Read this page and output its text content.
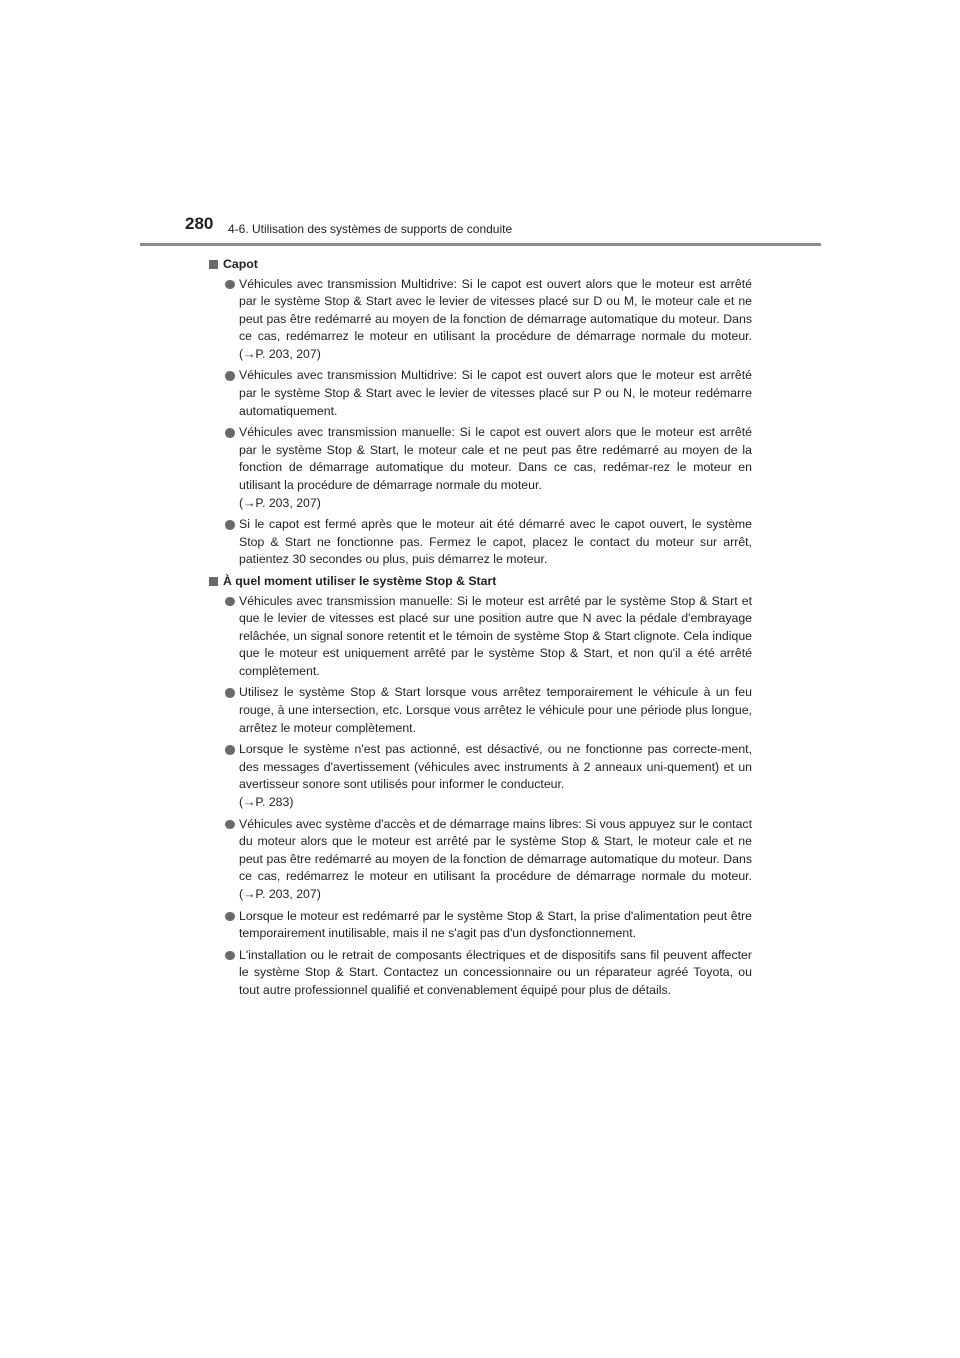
280 4-6. Utilisation des systèmes de supports de conduite
Capot

Véhicules avec transmission Multidrive: Si le capot est ouvert alors que le moteur est arrêté par le système Stop & Start avec le levier de vitesses placé sur D ou M, le moteur cale et ne peut pas être redémarré au moyen de la fonction de démarrage automatique du moteur. Dans ce cas, redémarrez le moteur en utilisant la procédure de démarrage normale du moteur. (→P. 203, 207)

Véhicules avec transmission Multidrive: Si le capot est ouvert alors que le moteur est arrêté par le système Stop & Start avec le levier de vitesses placé sur P ou N, le moteur redémarre automatiquement.

Véhicules avec transmission manuelle: Si le capot est ouvert alors que le moteur est arrêté par le système Stop & Start, le moteur cale et ne peut pas être redémarré au moyen de la fonction de démarrage automatique du moteur. Dans ce cas, redémar-rez le moteur en utilisant la procédure de démarrage normale du moteur.
(→P. 203, 207)

Si le capot est fermé après que le moteur ait été démarré avec le capot ouvert, le système Stop & Start ne fonctionne pas. Fermez le capot, placez le contact du moteur sur arrêt, patientez 30 secondes ou plus, puis démarrez le moteur.

À quel moment utiliser le système Stop & Start

Véhicules avec transmission manuelle: Si le moteur est arrêté par le système Stop & Start et que le levier de vitesses est placé sur une position autre que N avec la pédale d'embrayage relâchée, un signal sonore retentit et le témoin de système Stop & Start clignote. Cela indique que le moteur est uniquement arrêté par le système Stop & Start, et non qu'il a été arrêté complètement.

Utilisez le système Stop & Start lorsque vous arrêtez temporairement le véhicule à un feu rouge, à une intersection, etc. Lorsque vous arrêtez le véhicule pour une période plus longue, arrêtez le moteur complètement.

Lorsque le système n'est pas actionné, est désactivé, ou ne fonctionne pas correcte-ment, des messages d'avertissement (véhicules avec instruments à 2 anneaux uni-quement) et un avertisseur sonore sont utilisés pour informer le conducteur.
(→P. 283)

Véhicules avec système d'accès et de démarrage mains libres: Si vous appuyez sur le contact du moteur alors que le moteur est arrêté par le système Stop & Start, le moteur cale et ne peut pas être redémarré au moyen de la fonction de démarrage automatique du moteur. Dans ce cas, redémarrez le moteur en utilisant la procédure de démarrage normale du moteur. (→P. 203, 207)

Lorsque le moteur est redémarré par le système Stop & Start, la prise d'alimentation peut être temporairement inutilisable, mais il ne s'agit pas d'un dysfonctionnement.

L'installation ou le retrait de composants électriques et de dispositifs sans fil peuvent affecter le système Stop & Start. Contactez un concessionnaire ou un réparateur agréé Toyota, ou tout autre professionnel qualifié et convenablement équipé pour plus de détails.
